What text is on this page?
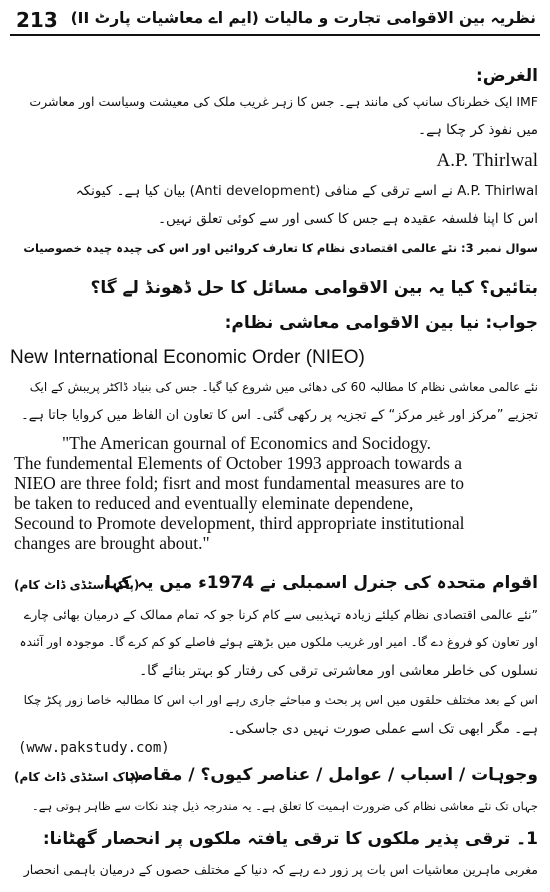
213 نظریہ بین الاقوامی تجارت و مالیات (ایم اے معاشیات پارٹ II)
الغرض:
IMF ایک خطرناک سانپ کی مانند ہے۔ جس کا زہر غریب ملک کی معیشت وسیاست اور معاشرت
میں نفوذ کر چکا ہے۔
A.P. Thirlwal
A.P. Thirlwal نے اسے ترقی کے منافی (Anti development) بیان کیا ہے۔ کیونکہ
اس کا اپنا فلسفہ عقیدہ ہے جس کا کسی اور سے کوئی تعلق نہیں۔
سوال نمبر 3: نئے عالمی اقتصادی نظام کا تعارف کروائیں اور اس کی چیدہ چیدہ خصوصیات
بتائیں؟ کیا یہ بین الاقوامی مسائل کا حل ڈھونڈ لے گا؟
جواب: نیا بین الاقوامی معاشی نظام:
New International Economic Order (NIEO)
نئے عالمی معاشی نظام کا مطالبہ 60 کی دھائی میں شروع کیا گیا۔ جس کی بنیاد ڈاکٹر پریبش کے ایک
تجزیے ”مرکز اور غیر مرکز“ کے تجزیہ پر رکھی گئی۔ اس کا تعاون ان الفاظ میں کروایا جاتا ہے۔
"The American gournal of Economics and Socidogy.
The fundemental Elements of October 1993 approach towards a
NIEO are three fold; fisrt and most fundamental measures are to
be taken to reduced and eventually eleminate dependene,
Secound to Promote development, third appropriate institutional
changes are brought about."
(پاک اسٹڈی ڈاٹ کام)
اقوام متحدہ کی جنرل اسمبلی نے 1974ء میں یہ کہا
”نئے عالمی اقتصادی نظام کیلئے زیادہ تہذیبی سے کام کرنا جو کہ تمام ممالک کے درمیان بھائی چارے
اور تعاون کو فروغ دے گا۔ امیر اور غریب ملکوں میں بڑھتے ہوئے فاصلے کو کم کرے گا۔ موجودہ اور آئندہ
نسلوں کی خاطر معاشی اور معاشرتی ترقی کی رفتار کو بہتر بنائے گا۔
اس کے بعد مختلف حلقوں میں اس پر بحث و مباحثے جاری رہے اور اب اس کا مطالبہ خاصا زور پکڑ چکا
ہے۔ مگر ابھی تک اسے عملی صورت نہیں دی جاسکی۔
(www.pakstudy.com)
(پاک اسٹڈی ڈاٹ کام)
وجوہات / اسباب / عوامل / عناصر کیوں؟ / مقاصد
جہاں تک نئے معاشی نظام کی ضرورت اہمیت کا تعلق ہے۔ یہ مندرجہ ذیل چند نکات سے ظاہر ہوتی ہے۔
1۔ ترقی پذیر ملکوں کا ترقی یافتہ ملکوں پر انحصار گھٹانا:
مغربی ماہرین معاشیات اس بات پر زور دے رہے کہ دنیا کے مختلف حصوں کے درمیان باہمی انحصار
